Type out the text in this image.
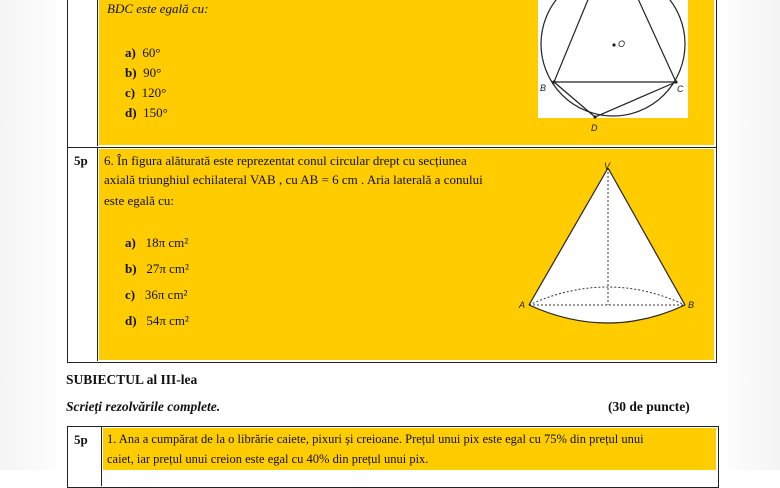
BDC este egală cu:
a) 60°
b) 90°
c) 120°
d) 150°
O
B	C
D
5p 6. În figura alăturată este reprezentat conul circular drept cu secțiunea
axială triunghiul echilateral VAB , cu AB = 6 cm . Aria laterală a conului
este egală cu:
a) 18π cm²
b) 27π cm²
c) 36π cm²
d) 54π cm²
V
A	B
SUBIECTUL al III-lea
Scrieți rezolvările complete.	(30 de puncte)
5p 1. Ana a cumpărat de la o librărie caiete, pixuri și creioane. Prețul unui pix este egal cu 75% din prețul unui
caiet, iar prețul unui creion este egal cu 40% din prețul unui pix.
